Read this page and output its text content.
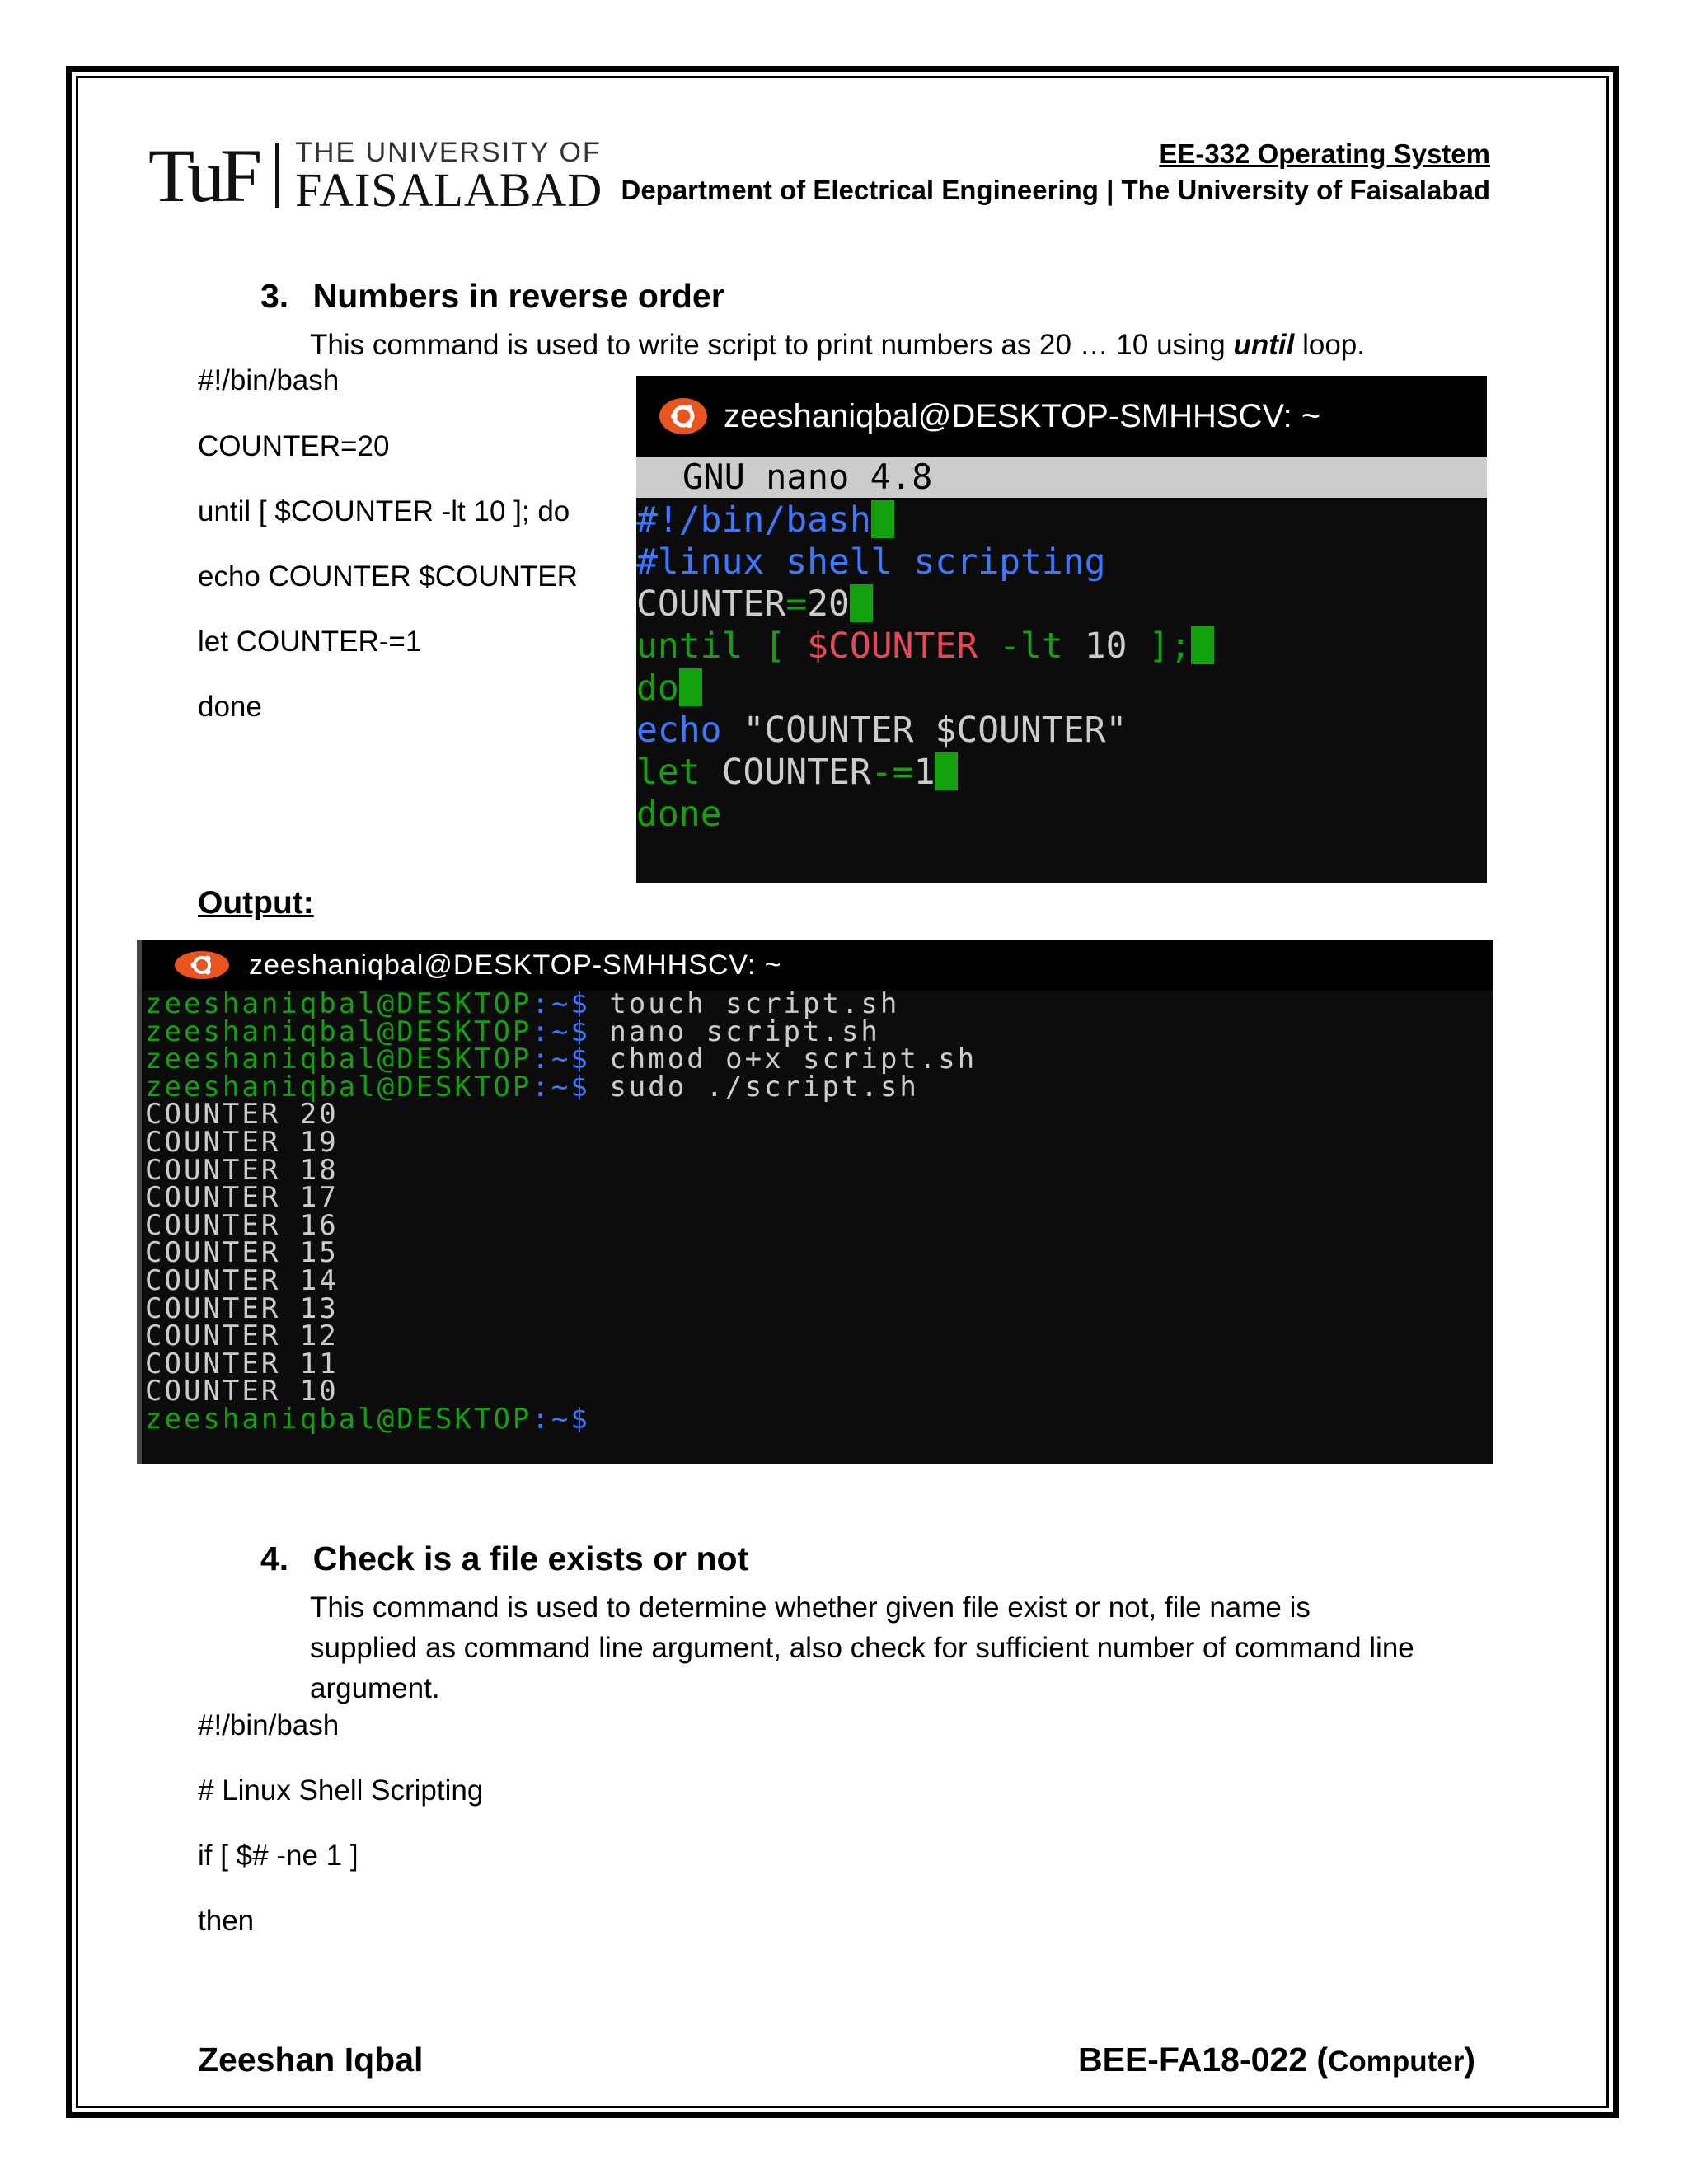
TuF THE UNIVERSITY OF
FAISALABAD
EE-332 Operating System
Department of Electrical Engineering | The University of Faisalabad
3. Numbers in reverse order
This command is used to write script to print numbers as 20 … 10 using until loop.
#!/bin/bash
COUNTER=20
until [ $COUNTER -lt 10 ]; do
echo COUNTER $COUNTER
let COUNTER-=1
done
zeeshaniqbal@DESKTOP-SMHHSCV: ~
GNU nano 4.8
#!/bin/bash
#linux shell scripting
COUNTER=20
until [ $COUNTER -lt 10 ];
do
echo "COUNTER $COUNTER"
let COUNTER-=1
done
Output:
zeeshaniqbal@DESKTOP-SMHHSCV: ~
zeeshaniqbal@DESKTOP:~$ touch script.sh
zeeshaniqbal@DESKTOP:~$ nano script.sh
zeeshaniqbal@DESKTOP:~$ chmod o+x script.sh
zeeshaniqbal@DESKTOP:~$ sudo ./script.sh
COUNTER 20
COUNTER 19
COUNTER 18
COUNTER 17
COUNTER 16
COUNTER 15
COUNTER 14
COUNTER 13
COUNTER 12
COUNTER 11
COUNTER 10
zeeshaniqbal@DESKTOP:~$
4. Check is a file exists or not
This command is used to determine whether given file exist or not, file name is
supplied as command line argument, also check for sufficient number of command line
argument.
#!/bin/bash
# Linux Shell Scripting
if [ $# -ne 1 ]
then
Zeeshan Iqbal	BEE-FA18-022 (Computer)
